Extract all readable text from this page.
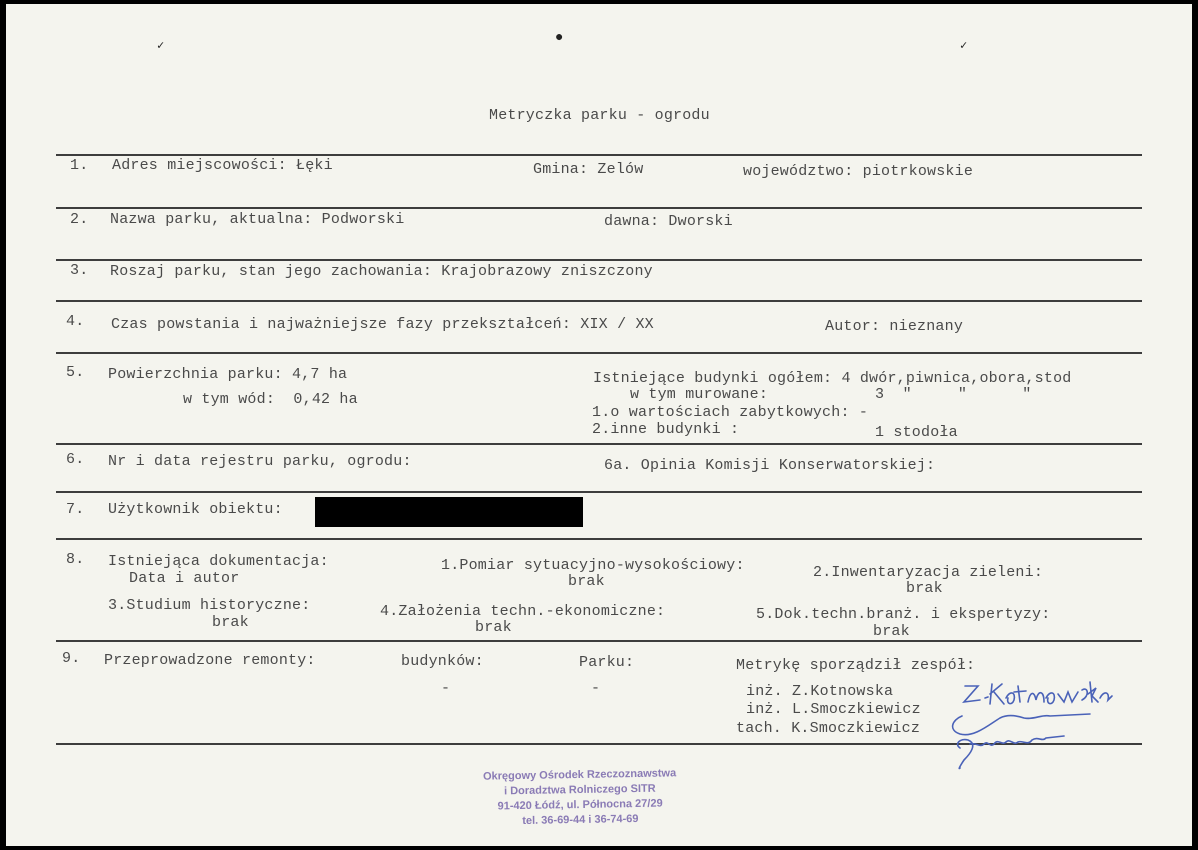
✓	●	✓
Metryczka parku - ogrodu
1. Adres miejscowości: Łęki	Gmina: Zelów	województwo: piotrkowskie
2. Nazwa parku, aktualna: Podworski	dawna: Dworski
3. Roszaj parku, stan jego zachowania: Krajobrazowy zniszczony
4. Czas powstania i najważniejsze fazy przekształceń: XIX / XX	Autor: nieznany
5. Powierzchnia parku: 4,7 ha
w tym wód:  0,42 ha
Istniejące budynki ogółem: 4 dwór,piwnica,obora,stod
w tym murowane:	3  "     "      "
1.o wartościach zabytkowych: -
2.inne budynki :	1 stodoła
6. Nr i data rejestru parku, ogrodu:	6a. Opinia Komisji Konserwatorskiej:
7. Użytkownik obiektu:
8. Istniejąca dokumentacja:
Data i autor
1.Pomiar sytuacyjno-wysokościowy:
brak
2.Inwentaryzacja zieleni:
brak
3.Studium historyczne:
brak
4.Założenia techn.-ekonomiczne:
brak
5.Dok.techn.branż. i ekspertyzy:
brak
9. Przeprowadzone remonty:	budynków:
-
Parku:
-
Metrykę sporządził zespół:
inż. Z.Kotnowska
inż. L.Smoczkiewicz
tach. K.Smoczkiewicz
Okręgowy Ośrodek Rzeczoznawstwa
i Doradztwa Rolniczego SITR
91-420 Łódź, ul. Północna 27/29
tel. 36-69-44 i 36-74-69
